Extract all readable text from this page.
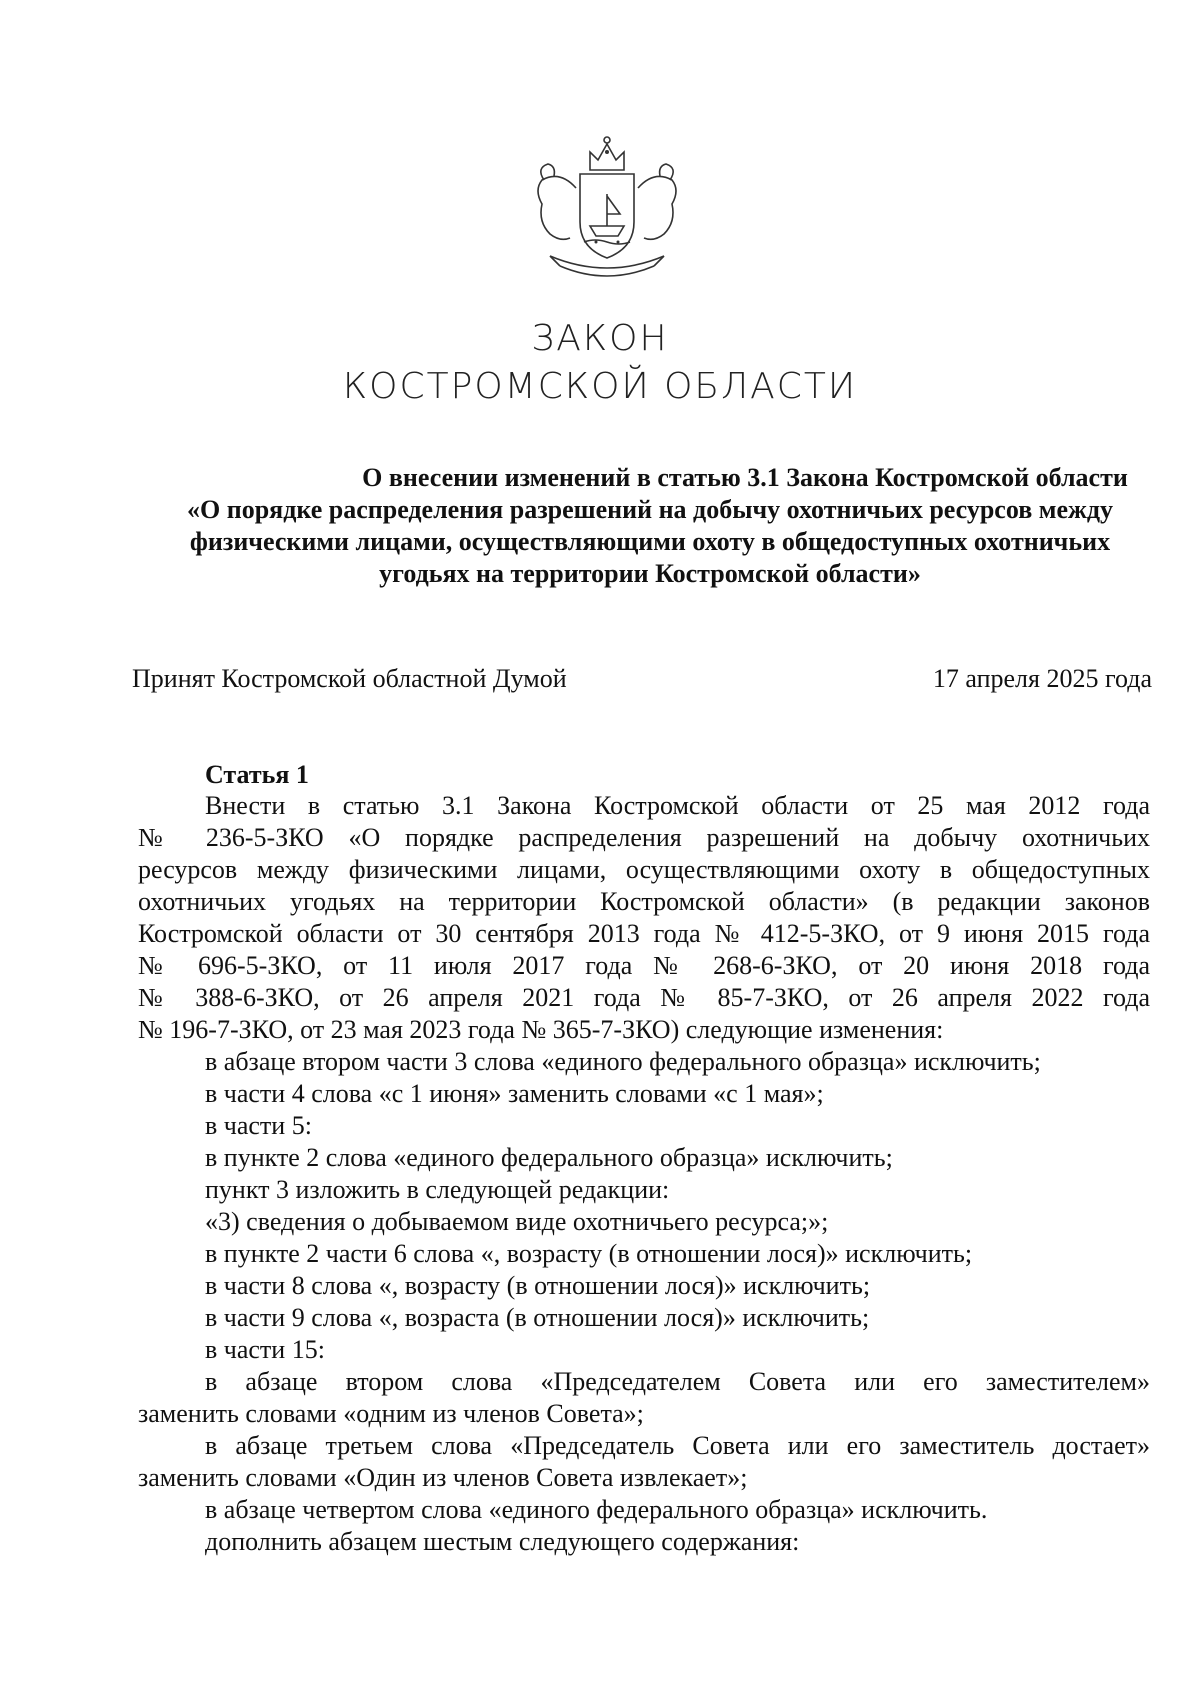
ЗАКОН
КОСТРОМСКОЙ ОБЛАСТИ
О внесении изменений в статью 3.1 Закона Костромской области
«О порядке распределения разрешений на добычу охотничьих ресурсов между
физическими лицами, осуществляющими охоту в общедоступных охотничьих
угодьях на территории Костромской области»
Принят Костромской областной Думой	17 апреля 2025 года
Статья 1
Внести в статью 3.1 Закона Костромской области от 25 мая 2012 года
№ 236-5-ЗКО «О порядке распределения разрешений на добычу охотничьих
ресурсов между физическими лицами, осуществляющими охоту в общедоступных
охотничьих угодьях на территории Костромской области» (в редакции законов
Костромской области от 30 сентября 2013 года № 412-5-ЗКО, от 9 июня 2015 года
№ 696-5-ЗКО, от 11 июля 2017 года № 268-6-ЗКО, от 20 июня 2018 года
№ 388-6-ЗКО, от 26 апреля 2021 года № 85-7-ЗКО, от 26 апреля 2022 года
№ 196-7-ЗКО, от 23 мая 2023 года № 365-7-ЗКО) следующие изменения:
в абзаце втором части 3 слова «единого федерального образца» исключить;
в части 4 слова «с 1 июня» заменить словами «с 1 мая»;
в части 5:
в пункте 2 слова «единого федерального образца» исключить;
пункт 3 изложить в следующей редакции:
«3) сведения о добываемом виде охотничьего ресурса;»;
в пункте 2 части 6 слова «, возрасту (в отношении лося)» исключить;
в части 8 слова «, возрасту (в отношении лося)» исключить;
в части 9 слова «, возраста (в отношении лося)» исключить;
в части 15:
в абзаце втором слова «Председателем Совета или его заместителем»
заменить словами «одним из членов Совета»;
в абзаце третьем слова «Председатель Совета или его заместитель достает»
заменить словами «Один из членов Совета извлекает»;
в абзаце четвертом слова «единого федерального образца» исключить.
дополнить абзацем шестым следующего содержания:
